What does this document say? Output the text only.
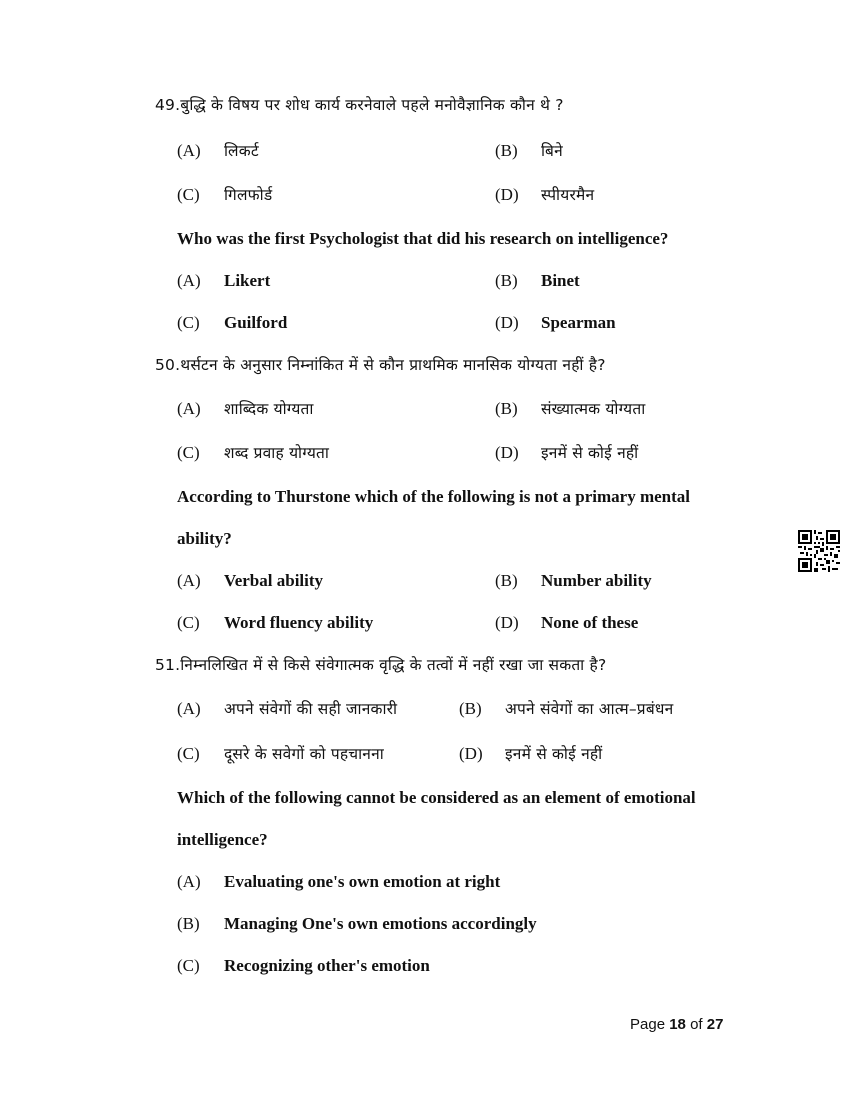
49.बुद्धि के विषय पर शोध कार्य करनेवाले पहले मनोवैज्ञानिक कौन थे ?
(A) लिकर्ट	(B) बिने
(C) गिलफोर्ड	(D) स्पीयरमैन
Who was the first Psychologist that did his research on intelligence?
(A) Likert	(B) Binet
(C) Guilford	(D) Spearman
50.थर्सटन के अनुसार निम्नांकित में से कौन प्राथमिक मानसिक योग्यता नहीं है?
(A) शाब्दिक योग्यता	(B) संख्यात्मक योग्यता
(C) शब्द प्रवाह योग्यता	(D) इनमें से कोई नहीं
According to Thurstone which of the following is not a primary mental
ability?
(A) Verbal ability	(B) Number ability
(C) Word fluency ability	(D) None of these
51.निम्नलिखित में से किसे संवेगात्मक वृद्धि के तत्वों में नहीं रखा जा सकता है?
(A) अपने संवेगों की सही जानकारी	(B) अपने संवेगों का आत्म–प्रबंधन
(C) दूसरे के सवेगों को पहचानना	(D) इनमें से कोई नहीं
Which of the following cannot be considered as an element of emotional
intelligence?
(A) Evaluating one's own emotion at right
(B) Managing One's own emotions accordingly
(C) Recognizing other's emotion
Page 18 of 27
